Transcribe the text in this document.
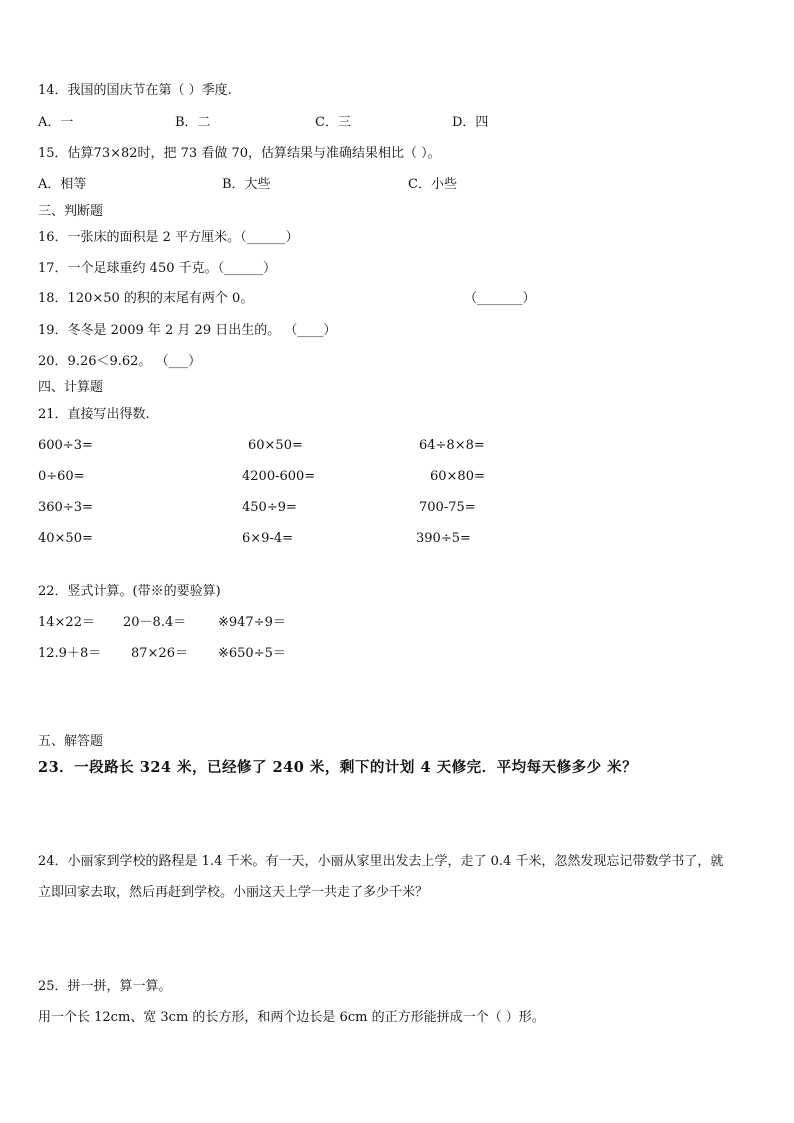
14．我国的国庆节在第（ ）季度.
A．一	B．二	C．三	D．四
15．估算73×82时，把 73 看做 70，估算结果与准确结果相比（ ）。
A．相等	B．大些	C．小些
三、判断题
16．一张床的面积是 2 平方厘米。（______）
17．一个足球重约 450 千克。（______）
18．120×50 的积的末尾有两个 0。	（_______）
19．冬冬是 2009 年 2 月 29 日出生的。 （____）
20．9.26＜9.62。 （___）
四、计算题
21．直接写出得数.
600÷3=	60×50=	64÷8×8=
0÷60=	4200-600=	60×80=
360÷3=	450÷9=	700-75=
40×50=	6×9-4=	390÷5=
22．竖式计算。(带※的要验算)
14×22＝ 20－8.4＝ ※947÷9＝
12.9＋8＝ 87×26＝ ※650÷5＝
五、解答题
23．一段路长 324 米，已经修了 240 米，剩下的计划 4 天修完．平均每天修多少 米？
24．小丽家到学校的路程是 1.4 千米。有一天，小丽从家里出发去上学，走了 0.4 千米，忽然发现忘记带数学书了，就
立即回家去取，然后再赶到学校。小丽这天上学一共走了多少千米？
25．拼一拼，算一算。
用一个长 12cm、宽 3cm 的长方形，和两个边长是 6cm 的正方形能拼成一个（ ）形。
